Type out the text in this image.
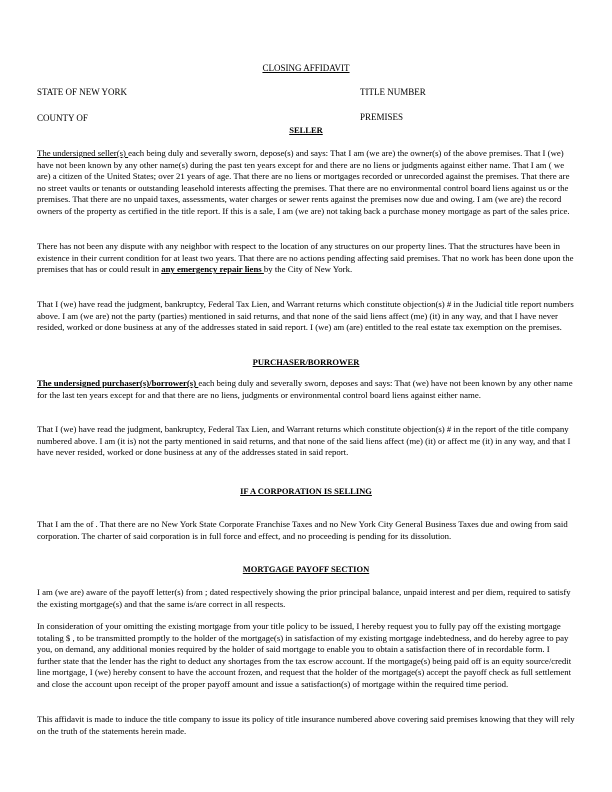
CLOSING AFFIDAVIT
STATE OF NEW YORK	TITLE NUMBER
COUNTY OF	PREMISES
SELLER
The undersigned seller(s) each being duly and severally sworn, depose(s) and says: That I am (we are) the owner(s) of the above premises. That I (we) have not been known by any other name(s) during the past ten years except for and there are no liens or judgments against either name. That I am ( we are) a citizen of the United States; over 21 years of age. That there are no liens or mortgages recorded or unrecorded against the premises. That there are no street vaults or tenants or outstanding leasehold interests affecting the premises. That there are no environmental control board liens against us or the premises. That there are no unpaid taxes, assessments, water charges or sewer rents against the premises now due and owing. I am (we are) the record owners of the property as certified in the title report. If this is a sale, I am (we are) not taking back a purchase money mortgage as part of the sales price.
There has not been any dispute with any neighbor with respect to the location of any structures on our property lines. That the structures have been in existence in their current condition for at least two years. That there are no actions pending affecting said premises. That no work has been done upon the premises that has or could result in any emergency repair liens by the City of New York.
That I (we) have read the judgment, bankruptcy, Federal Tax Lien, and Warrant returns which constitute objection(s) # in the Judicial title report numbers above. I am (we are) not the party (parties) mentioned in said returns, and that none of the said liens affect (me) (it) in any way, and that I have never resided, worked or done business at any of the addresses stated in said report. I (we) am (are) entitled to the real estate tax exemption on the premises.
PURCHASER/BORROWER
The undersigned purchaser(s)/borrower(s) each being duly and severally sworn, deposes and says: That (we) have not been known by any other name for the last ten years except for and that there are no liens, judgments or environmental control board liens against either name.
That I (we) have read the judgment, bankruptcy, Federal Tax Lien, and Warrant returns which constitute objection(s) # in the report of the title company numbered above. I am (it is) not the party mentioned in said returns, and that none of the said liens affect (me) (it) or affect me (it) in any way, and that I have never resided, worked or done business at any of the addresses stated in said report.
IF A CORPORATION IS SELLING
That I am the of . That there are no New York State Corporate Franchise Taxes and no New York City General Business Taxes due and owing from said corporation. The charter of said corporation is in full force and effect, and no proceeding is pending for its dissolution.
MORTGAGE PAYOFF SECTION
I am (we are) aware of the payoff letter(s) from ; dated respectively showing the prior principal balance, unpaid interest and per diem, required to satisfy the existing mortgage(s) and that the same is/are correct in all respects.
In consideration of your omitting the existing mortgage from your title policy to be issued, I hereby request you to fully pay off the existing mortgage totaling $ , to be transmitted promptly to the holder of the mortgage(s) in satisfaction of my existing mortgage indebtedness, and do hereby agree to pay you, on demand, any additional monies required by the holder of said mortgage to enable you to obtain a satisfaction there of in recordable form. I further state that the lender has the right to deduct any shortages from the tax escrow account. If the mortgage(s) being paid off is an equity source/credit line mortgage, I (we) hereby consent to have the account frozen, and request that the holder of the mortgage(s) accept the payoff check as full settlement and close the account upon receipt of the proper payoff amount and issue a satisfaction(s) of mortgage within the required time period.
This affidavit is made to induce the title company to issue its policy of title insurance numbered above covering said premises knowing that they will rely on the truth of the statements herein made.
